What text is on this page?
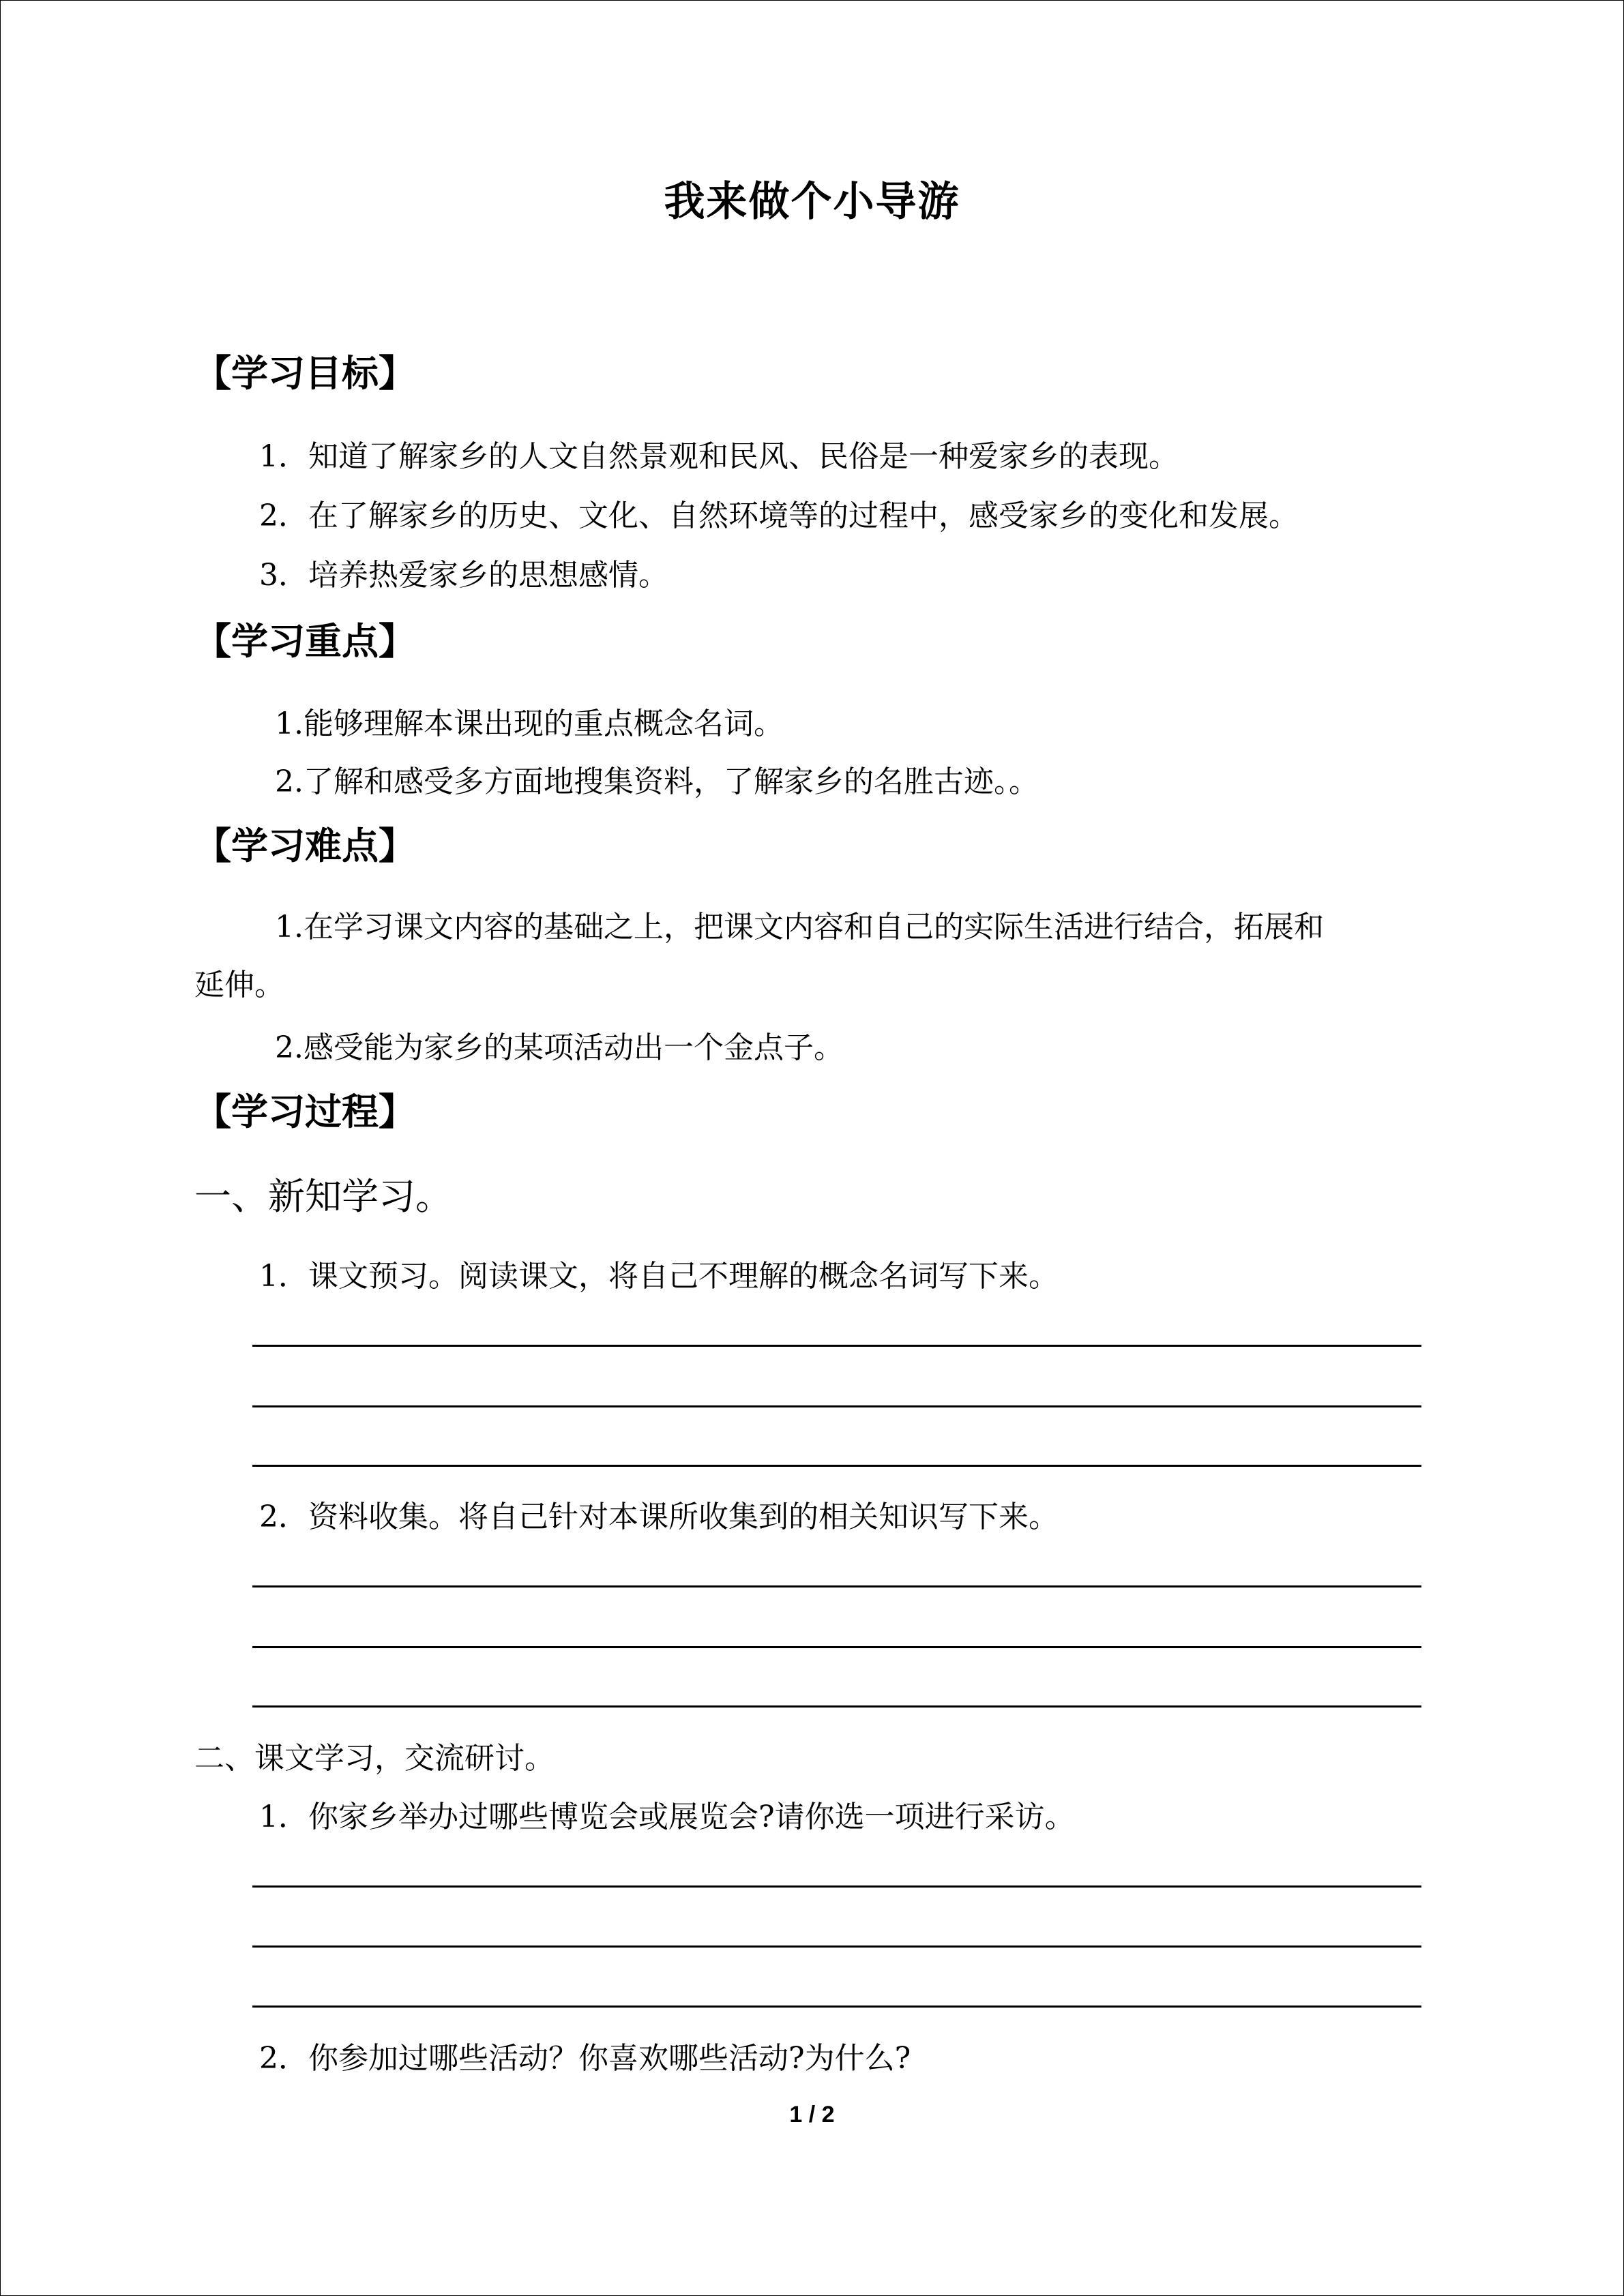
我来做个小导游
【学习目标】
1．知道了解家乡的人文自然景观和民风、民俗是一种爱家乡的表现。
2．在了解家乡的历史、文化、自然环境等的过程中，感受家乡的变化和发展。
3．培养热爱家乡的思想感情。
【学习重点】
1.能够理解本课出现的重点概念名词。
2.了解和感受多方面地搜集资料，了解家乡的名胜古迹。。
【学习难点】
1.在学习课文内容的基础之上，把课文内容和自己的实际生活进行结合，拓展和
延伸。
2.感受能为家乡的某项活动出一个金点子。
【学习过程】
一、新知学习。
1．课文预习。阅读课文，将自己不理解的概念名词写下来。
2．资料收集。将自己针对本课所收集到的相关知识写下来。
二、课文学习，交流研讨。
1．你家乡举办过哪些博览会或展览会?请你选一项进行采访。
2．你参加过哪些活动？你喜欢哪些活动?为什么?
1 / 2
